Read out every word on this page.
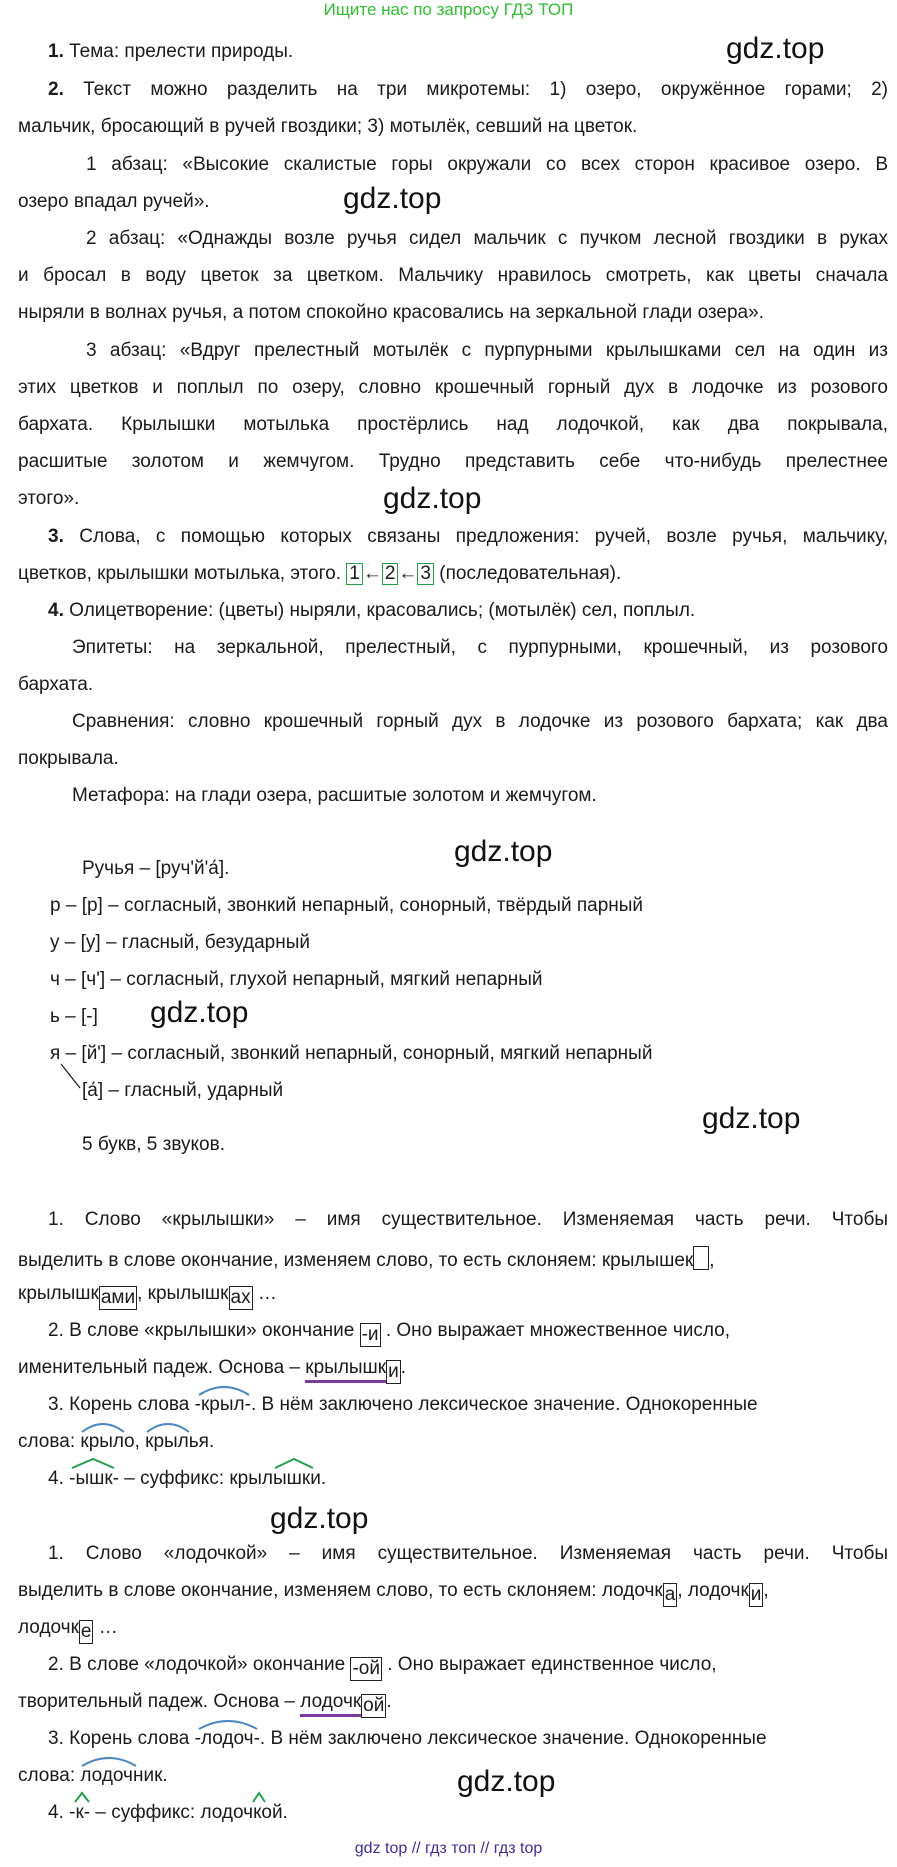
Ищите нас по запросу ГДЗ ТОП
gdz.top
gdz.top
gdz.top
gdz.top
gdz.top
gdz.top
gdz.top
gdz.top
1. Тема: прелести природы.
2. Текст можно разделить на три микротемы: 1) озеро, окружённое горами; 2)
мальчик, бросающий в ручей гвоздики; 3) мотылёк, севший на цветок.
1 абзац: «Высокие скалистые горы окружали со всех сторон красивое озеро. В
озеро впадал ручей».
2 абзац: «Однажды возле ручья сидел мальчик с пучком лесной гвоздики в руках
и бросал в воду цветок за цветком. Мальчику нравилось смотреть, как цветы сначала
ныряли в волнах ручья, а потом спокойно красовались на зеркальной глади озера».
3 абзац: «Вдруг прелестный мотылёк с пурпурными крылышками сел на один из
этих цветков и поплыл по озеру, словно крошечный горный дух в лодочке из розового
бархата. Крылышки мотылька простёрлись над лодочкой, как два покрывала,
расшитые золотом и жемчугом. Трудно представить себе что-нибудь прелестнее
этого».
3. Слова, с помощью которых связаны предложения: ручей, возле ручья, мальчику,
цветков, крылышки мотылька, этого. 1 ← 2 ← 3 (последовательная).
4. Олицетворение: (цветы) ныряли, красовались; (мотылёк) сел, поплыл.
Эпитеты: на зеркальной, прелестный, с пурпурными, крошечный, из розового
бархата.
Сравнения: словно крошечный горный дух в лодочке из розового бархата; как два
покрывала.
Метафора: на глади озера, расшитые золотом и жемчугом.
Ручья – [руч'й'а́].
р – [р] – согласный, звонкий непарный, сонорный, твёрдый парный
у – [у] – гласный, безударный
ч – [ч'] – согласный, глухой непарный, мягкий непарный
ь – [-]
я – [й'] – согласный, звонкий непарный, сонорный, мягкий непарный
[а́] – гласный, ударный
5 букв, 5 звуков.
1. Слово «крылышки» – имя существительное. Изменяемая часть речи. Чтобы
выделить в слове окончание, изменяем слово, то есть склоняем: крылышек ,
крылышк ами , крылышк ах …
2. В слове «крылышки» окончание -и . Оно выражает множественное число,
именительный падеж. Основа – крылышк и .
3. Корень слова
-крыл-. В нём заключено лексическое значение. Однокоренные
слова:
крыло,
крылья.
4.
-ышк- – суффикс: крыл
ышки.
1. Слово «лодочкой» – имя существительное. Изменяемая часть речи. Чтобы
выделить в слове окончание, изменяем слово, то есть склоняем: лодочк а , лодочк и ,
лодочк е …
2. В слове «лодочкой» окончание -ой . Оно выражает единственное число,
творительный падеж. Основа – лодочк ой .
3. Корень слова
-лодоч-. В нём заключено лексическое значение. Однокоренные
слова:
лодочник.
4.
-к- – суффикс: лодоч
кой.
gdz top // гдз топ // гдз top
